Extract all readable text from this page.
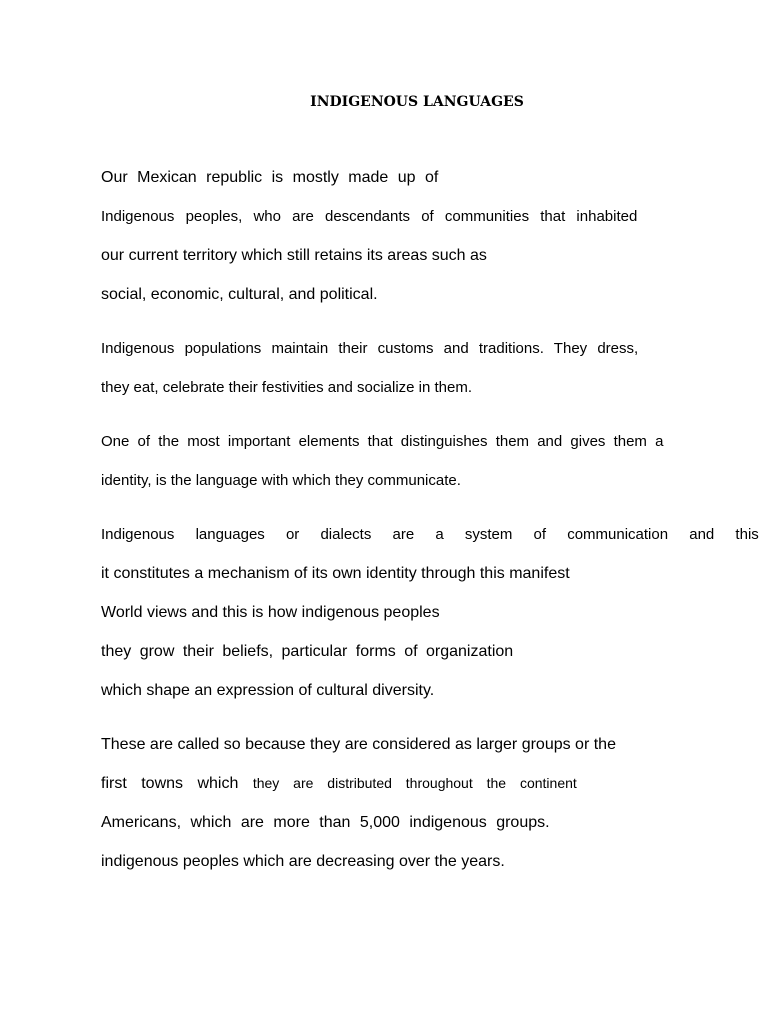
INDIGENOUS LANGUAGES
Our Mexican republic is mostly made up of
Indigenous peoples, who are descendants of communities that inhabited
our current territory which still retains its areas such as
social, economic, cultural, and political.
Indigenous populations maintain their customs and traditions. They dress,
they eat, celebrate their festivities and socialize in them.
One of the most important elements that distinguishes them and gives them a
identity, is the language with which they communicate.
Indigenous languages or dialects are a system of communication and this
it constitutes a mechanism of its own identity through this manifest
World views and this is how indigenous peoples
they grow their beliefs, particular forms of organization
which shape an expression of cultural diversity.
These are called so because they are considered as larger groups or the
first towns which they are distributed throughout the continent
Americans, which are more than 5,000 indigenous groups.
indigenous peoples which are decreasing over the years.
